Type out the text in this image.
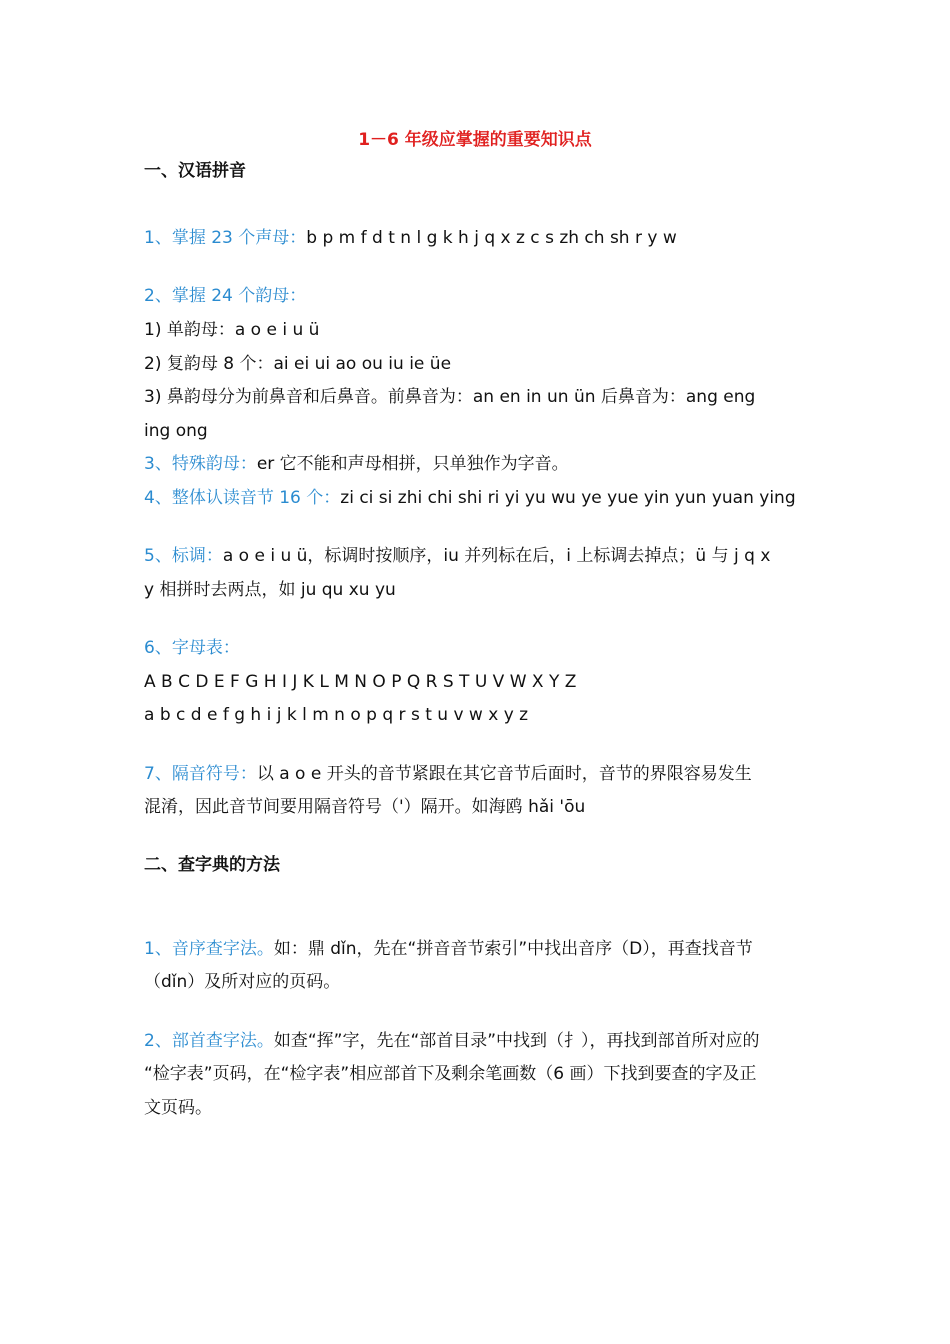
1－6 年级应掌握的重要知识点
一、汉语拼音
1、掌握 23 个声母：b p m f d t n l g k h j q x z c s zh ch sh r y w
2、掌握 24 个韵母：
1) 单韵母：a o e i u ü
2) 复韵母 8 个：ai ei ui ao ou iu ie üe
3) 鼻韵母分为前鼻音和后鼻音。前鼻音为：an en in un ün 后鼻音为：ang eng
ing ong
3、特殊韵母：er 它不能和声母相拼，只单独作为字音。
4、整体认读音节 16 个：zi ci si zhi chi shi ri yi yu wu ye yue yin yun yuan ying
5、标调：a o e i u ü，标调时按顺序，iu 并列标在后，i 上标调去掉点；ü 与 j q x
y 相拼时去两点，如 ju qu xu yu
6、字母表：
A B C D E F G H I J K L M N O P Q R S T U V W X Y Z
a b c d e f g h i j k l m n o p q r s t u v w x y z
7、隔音符号：以 a o e 开头的音节紧跟在其它音节后面时，音节的界限容易发生
混淆，因此音节间要用隔音符号（'）隔开。如海鸥 hǎi 'ōu
二、查字典的方法
1、音序查字法。如：鼎 dǐn，先在“拼音音节索引”中找出音序（D），再查找音节
（dǐn）及所对应的页码。
2、部首查字法。如查“挥”字，先在“部首目录”中找到（扌），再找到部首所对应的
“检字表”页码，在“检字表”相应部首下及剩余笔画数（6 画）下找到要查的字及正
文页码。
